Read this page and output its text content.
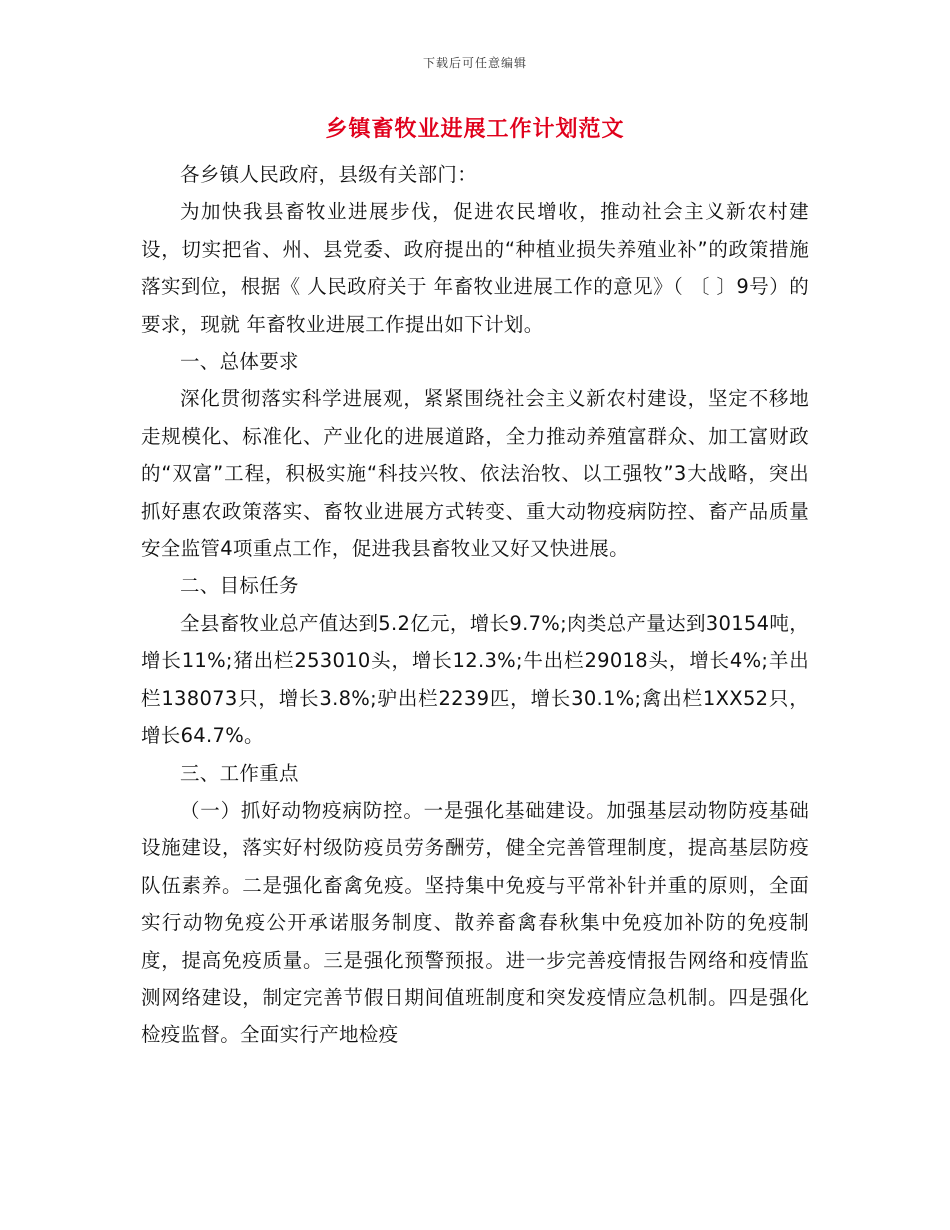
下载后可任意编辑
乡镇畜牧业进展工作计划范文

各乡镇人民政府，县级有关部门：

为加快我县畜牧业进展步伐，促进农民增收，推动社会主义新农村建设，切实把省、州、县党委、政府提出的“种植业损失养殖业补”的政策措施落实到位，根据《 人民政府关于 年畜牧业进展工作的意见》（ 〔 〕9号）的要求，现就 年畜牧业进展工作提出如下计划。

一、总体要求

深化贯彻落实科学进展观，紧紧围绕社会主义新农村建设，坚定不移地走规模化、标准化、产业化的进展道路，全力推动养殖富群众、加工富财政的“双富”工程，积极实施“科技兴牧、依法治牧、以工强牧”3大战略，突出抓好惠农政策落实、畜牧业进展方式转变、重大动物疫病防控、畜产品质量安全监管4项重点工作，促进我县畜牧业又好又快进展。

二、目标任务

全县畜牧业总产值达到5.2亿元，增长9.7%;肉类总产量达到30154吨，增长11%;猪出栏253010头，增长12.3%;牛出栏29018头，增长4%;羊出栏138073只，增长3.8%;驴出栏2239匹，增长30.1%;禽出栏1XX52只，增长64.7%。

三、工作重点

（一）抓好动物疫病防控。一是强化基础建设。加强基层动物防疫基础设施建设，落实好村级防疫员劳务酬劳，健全完善管理制度，提高基层防疫队伍素养。二是强化畜禽免疫。坚持集中免疫与平常补针并重的原则，全面实行动物免疫公开承诺服务制度、散养畜禽春秋集中免疫加补防的免疫制度，提高免疫质量。三是强化预警预报。进一步完善疫情报告网络和疫情监测网络建设，制定完善节假日期间值班制度和突发疫情应急机制。四是强化检疫监督。全面实行产地检疫
